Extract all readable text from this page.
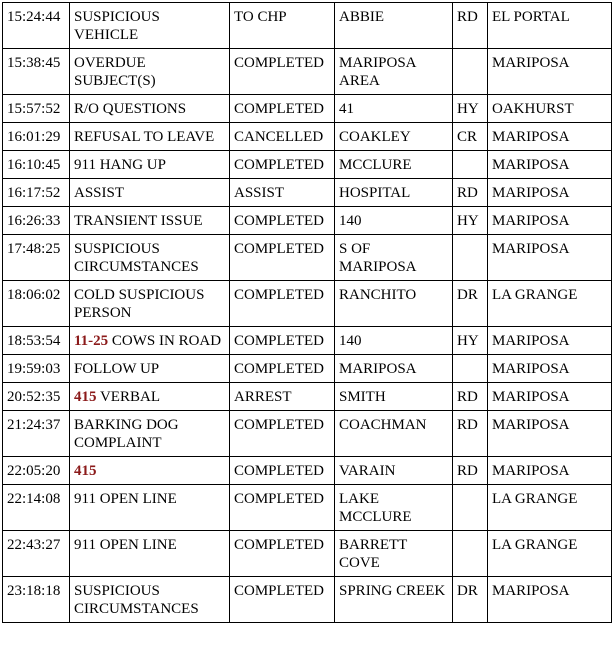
15:24:44	SUSPICIOUS VEHICLE	TO CHP	ABBIE	RD	EL PORTAL
15:38:45	OVERDUE SUBJECT(S)	COMPLETED	MARIPOSA AREA		MARIPOSA
15:57:52	R/O QUESTIONS	COMPLETED	41	HY	OAKHURST
16:01:29	REFUSAL TO LEAVE	CANCELLED	COAKLEY	CR	MARIPOSA
16:10:45	911 HANG UP	COMPLETED	MCCLURE		MARIPOSA
16:17:52	ASSIST	ASSIST	HOSPITAL	RD	MARIPOSA
16:26:33	TRANSIENT ISSUE	COMPLETED	140	HY	MARIPOSA
17:48:25	SUSPICIOUS CIRCUMSTANCES	COMPLETED	S OF MARIPOSA		MARIPOSA
18:06:02	COLD SUSPICIOUS PERSON	COMPLETED	RANCHITO	DR	LA GRANGE
18:53:54	11-25 COWS IN ROAD	COMPLETED	140	HY	MARIPOSA
19:59:03	FOLLOW UP	COMPLETED	MARIPOSA		MARIPOSA
20:52:35	415 VERBAL	ARREST	SMITH	RD	MARIPOSA
21:24:37	BARKING DOG COMPLAINT	COMPLETED	COACHMAN	RD	MARIPOSA
22:05:20	415	COMPLETED	VARAIN	RD	MARIPOSA
22:14:08	911 OPEN LINE	COMPLETED	LAKE MCCLURE		LA GRANGE
22:43:27	911 OPEN LINE	COMPLETED	BARRETT COVE		LA GRANGE
23:18:18	SUSPICIOUS CIRCUMSTANCES	COMPLETED	SPRING CREEK	DR	MARIPOSA
